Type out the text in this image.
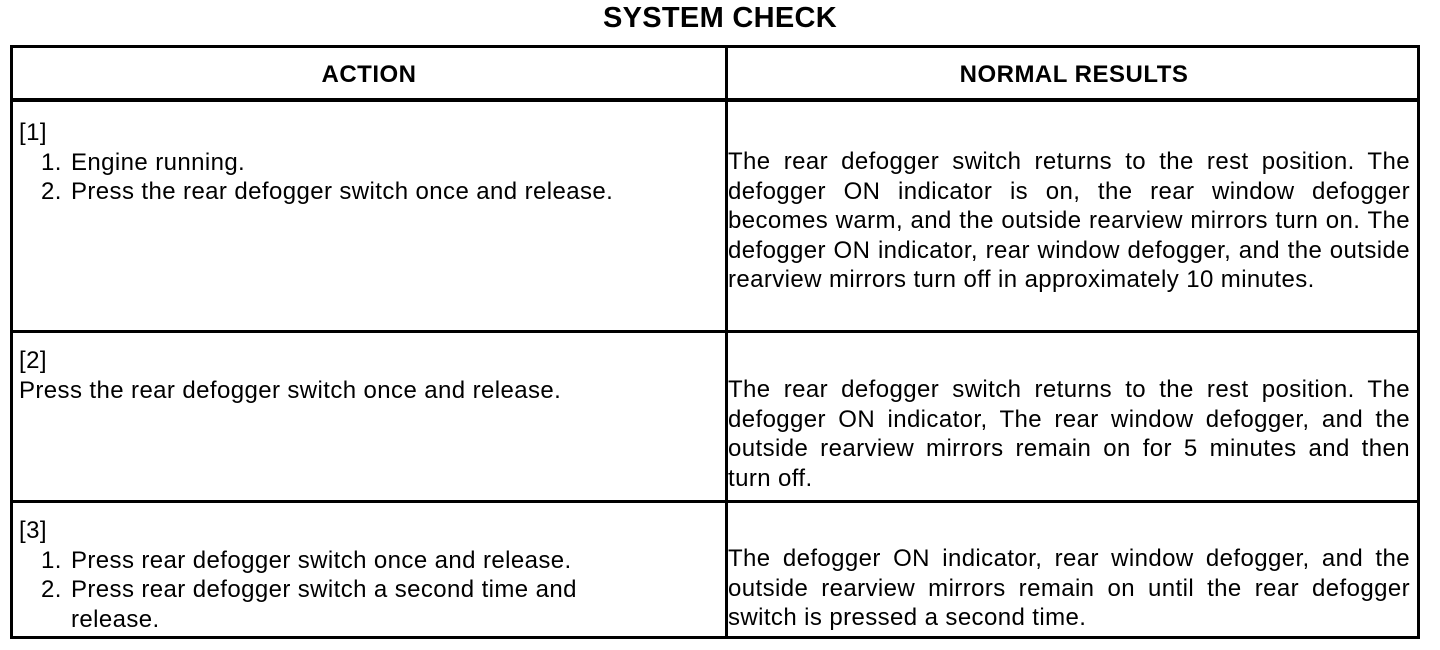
SYSTEM CHECK
ACTION	NORMAL RESULTS
[1]
1. Engine running.
2. Press the rear defogger switch once and release.
The rear defogger switch returns to the rest position. The defogger ON indicator is on, the rear window defogger becomes warm, and the outside rearview mirrors turn on. The defogger ON indicator, rear window defogger, and the outside rearview mirrors turn off in approximately 10 minutes.
[2]
Press the rear defogger switch once and release.	The rear defogger switch returns to the rest position. The defogger ON indicator, The rear window defogger, and the outside rearview mirrors remain on for 5 minutes and then turn off.
[3]
1. Press rear defogger switch once and release.
2. Press rear defogger switch a second time and
release.
The defogger ON indicator, rear window defogger, and the outside rearview mirrors remain on until the rear defogger switch is pressed a second time.
